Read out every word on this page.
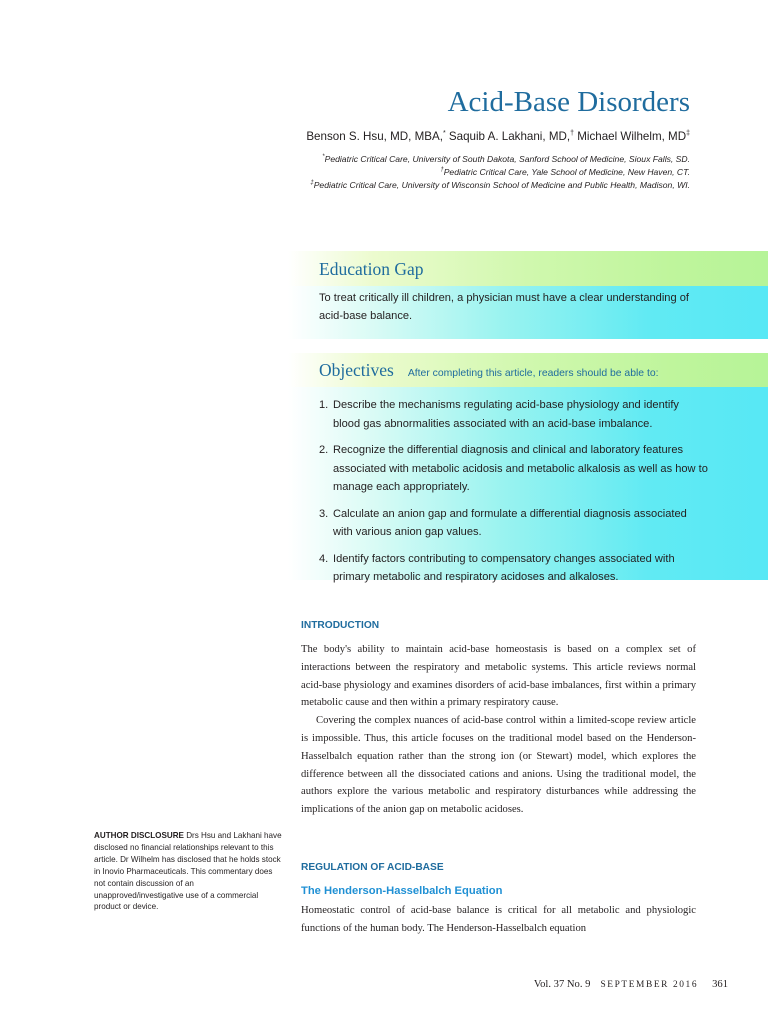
Acid-Base Disorders

Benson S. Hsu, MD, MBA,* Saquib A. Lakhani, MD,† Michael Wilhelm, MD‡

*Pediatric Critical Care, University of South Dakota, Sanford School of Medicine, Sioux Falls, SD.

†Pediatric Critical Care, Yale School of Medicine, New Haven, CT.

‡Pediatric Critical Care, University of Wisconsin School of Medicine and Public Health, Madison, WI.

Education Gap
To treat critically ill children, a physician must have a clear understanding of acid-base balance.
Objectives After completing this article, readers should be able to:
1. Describe the mechanisms regulating acid-base physiology and identify blood gas abnormalities associated with an acid-base imbalance.
2. Recognize the differential diagnosis and clinical and laboratory features associated with metabolic acidosis and metabolic alkalosis as well as how to manage each appropriately.
3. Calculate an anion gap and formulate a differential diagnosis associated with various anion gap values.
4. Identify factors contributing to compensatory changes associated with primary metabolic and respiratory acidoses and alkaloses.
INTRODUCTION

The body's ability to maintain acid-base homeostasis is based on a complex set of interactions between the respiratory and metabolic systems. This article reviews normal acid-base physiology and examines disorders of acid-base imbalances, first within a primary metabolic cause and then within a primary respiratory cause.

Covering the complex nuances of acid-base control within a limited-scope review article is impossible. Thus, this article focuses on the traditional model based on the Henderson-Hasselbalch equation rather than the strong ion (or Stewart) model, which explores the difference between all the dissociated cations and anions. Using the traditional model, the authors explore the various metabolic and respiratory disturbances while addressing the implications of the anion gap on metabolic acidoses.

REGULATION OF ACID-BASE
The Henderson-Hasselbalch Equation

Homeostatic control of acid-base balance is critical for all metabolic and physiologic functions of the human body. The Henderson-Hasselbalch equation

AUTHOR DISCLOSURE Drs Hsu and Lakhani have disclosed no financial relationships relevant to this article. Dr Wilhelm has disclosed that he holds stock in Inovio Pharmaceuticals. This commentary does not contain discussion of an unapproved/investigative use of a commercial product or device.

Vol. 37 No. 9 SEPTEMBER 2016 361
